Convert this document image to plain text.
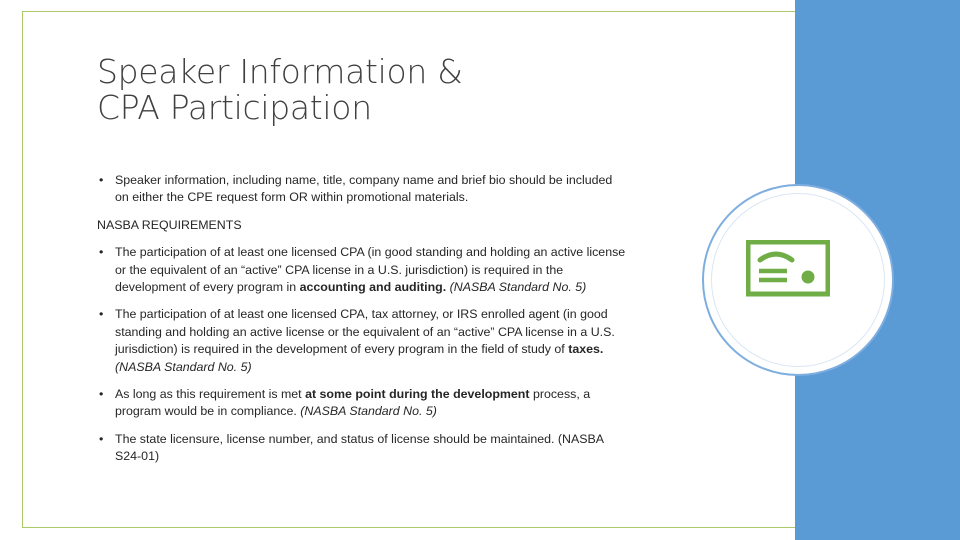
Speaker Information &
CPA Participation
• Speaker information, including name, title, company name and brief bio should be included on either the CPE request form OR within promotional materials.
NASBA REQUIREMENTS
• The participation of at least one licensed CPA (in good standing and holding an active license or the equivalent of an “active” CPA license in a U.S. jurisdiction) is required in the development of every program in accounting and auditing. (NASBA Standard No. 5)
• The participation of at least one licensed CPA, tax attorney, or IRS enrolled agent (in good standing and holding an active license or the equivalent of an “active” CPA license in a U.S. jurisdiction) is required in the development of every program in the field of study of taxes. (NASBA Standard No. 5)
• As long as this requirement is met at some point during the development process, a program would be in compliance. (NASBA Standard No. 5)
• The state licensure, license number, and status of license should be maintained. (NASBA S24-01)
